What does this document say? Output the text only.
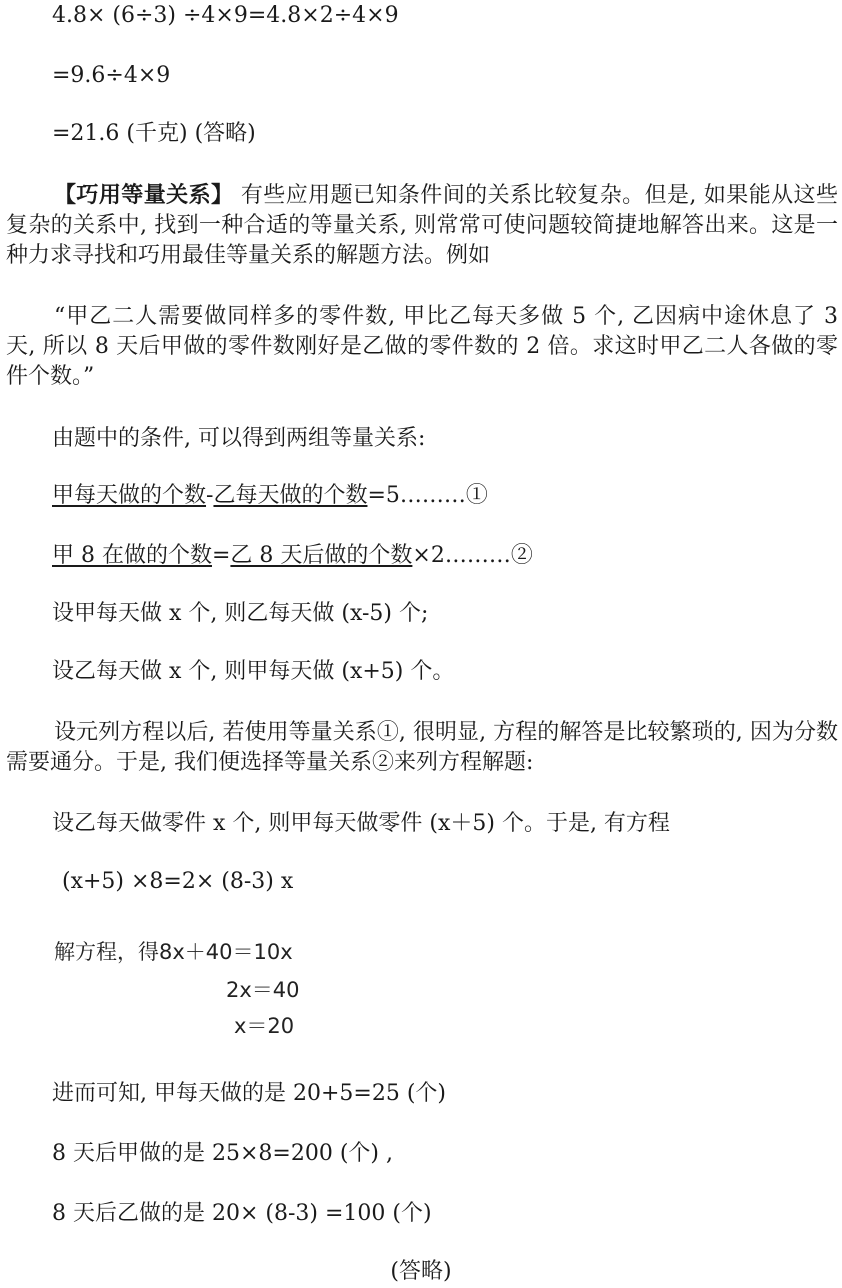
4.8× (6÷3) ÷4×9=4.8×2÷4×9
=9.6÷4×9
=21.6 (千克) (答略)
【巧用等量关系】 有些应用题已知条件间的关系比较复杂。但是, 如果能从这些复杂的关系中, 找到一种合适的等量关系, 则常常可使问题较简捷地解答出来。这是一种力求寻找和巧用最佳等量关系的解题方法。例如
“甲乙二人需要做同样多的零件数, 甲比乙每天多做 5 个, 乙因病中途休息了 3 天, 所以 8 天后甲做的零件数刚好是乙做的零件数的 2 倍。求这时甲乙二人各做的零件个数。”
由题中的条件, 可以得到两组等量关系:
甲每天做的个数-乙每天做的个数=5………①
甲 8 在做的个数=乙 8 天后做的个数×2………②
设甲每天做 x 个, 则乙每天做 (x-5) 个;
设乙每天做 x 个, 则甲每天做 (x+5) 个。
设元列方程以后, 若使用等量关系①, 很明显, 方程的解答是比较繁琐的, 因为分数需要通分。于是, 我们便选择等量关系②来列方程解题:
设乙每天做零件 x 个, 则甲每天做零件 (x＋5) 个。于是, 有方程
(x+5) ×8=2× (8-3) x
解方程，得8x＋40＝10x
2x＝40
x＝20
进而可知, 甲每天做的是 20+5=25 (个)
8 天后甲做的是 25×8=200 (个) ,
8 天后乙做的是 20× (8-3) =100 (个)
(答略)
